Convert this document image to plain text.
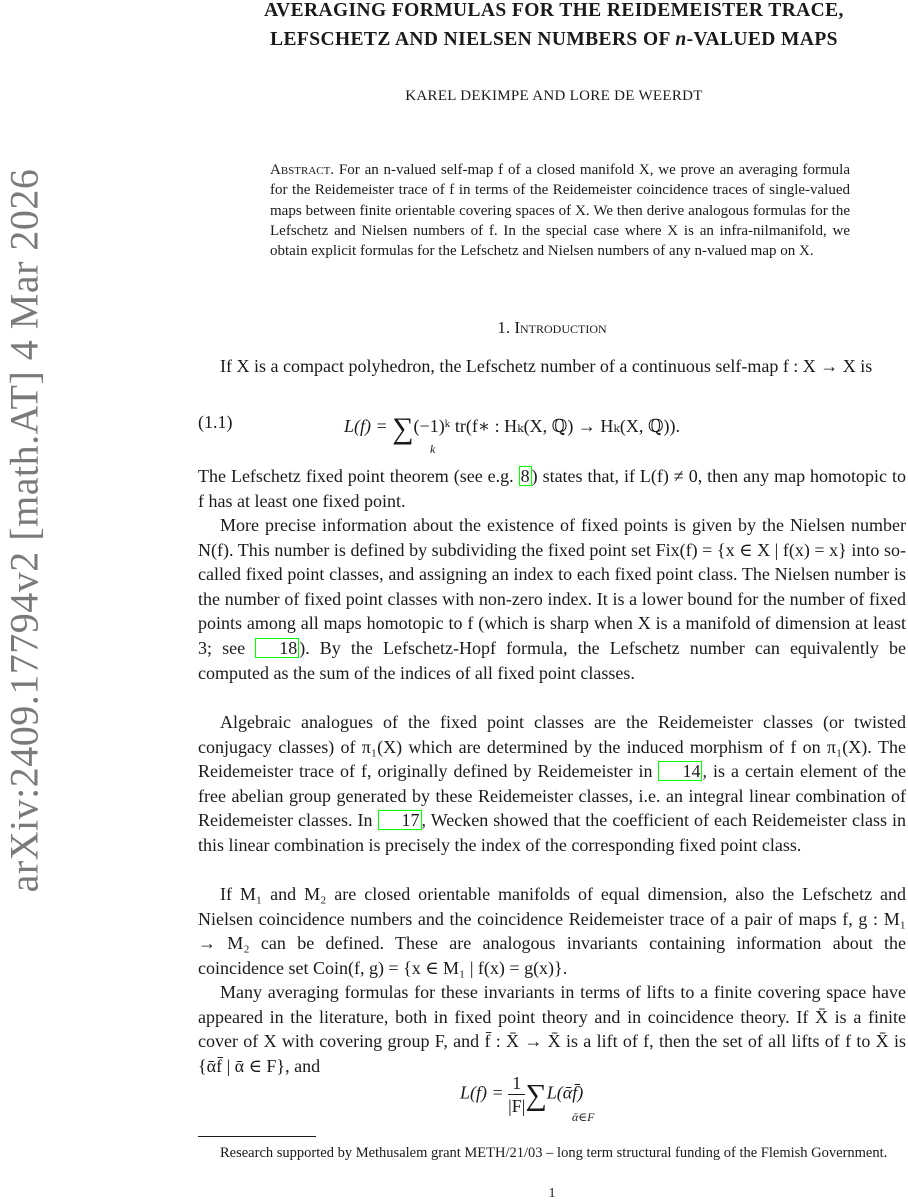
arXiv:2409.17794v2 [math.AT] 4 Mar 2026
AVERAGING FORMULAS FOR THE REIDEMEISTER TRACE,
LEFSCHETZ AND NIELSEN NUMBERS OF n-VALUED MAPS
KAREL DEKIMPE AND LORE DE WEERDT
Abstract. For an n-valued self-map f of a closed manifold X, we prove an averaging formula for the Reidemeister trace of f in terms of the Reidemeister coincidence traces of single-valued maps between finite orientable covering spaces of X. We then derive analogous formulas for the Lefschetz and Nielsen numbers of f. In the special case where X is an infra-nilmanifold, we obtain explicit formulas for the Lefschetz and Nielsen numbers of any n-valued map on X.
1. Introduction

If X is a compact polyhedron, the Lefschetz number of a continuous self-map f : X → X is

(1.1)	L(f) = ∑(−1)ᵏ tr(f∗ : Hₖ(X, ℚ) → Hₖ(X, ℚ)).
k

The Lefschetz fixed point theorem (see e.g. 8 ) states that, if L(f) ≠ 0, then any map homotopic to f has at least one fixed point.

More precise information about the existence of fixed points is given by the Nielsen number N(f). This number is defined by subdividing the fixed point set Fix(f) = {x ∈ X | f(x) = x} into so-called fixed point classes, and assigning an index to each fixed point class. The Nielsen number is the number of fixed point classes with non-zero index. It is a lower bound for the number of fixed points among all maps homotopic to f (which is sharp when X is a manifold of dimension at least 3; see 18 ). By the Lefschetz-Hopf formula, the Lefschetz number can equivalently be computed as the sum of the indices of all fixed point classes.

Algebraic analogues of the fixed point classes are the Reidemeister classes (or twisted conjugacy classes) of π₁(X) which are determined by the induced morphism of f on π₁(X). The Reidemeister trace of f, originally defined by Reidemeister in 14 , is a certain element of the free abelian group generated by these Reidemeister classes, i.e. an integral linear combination of Reidemeister classes. In 17 , Wecken showed that the coefficient of each Reidemeister class in this linear combination is precisely the index of the corresponding fixed point class.

If M₁ and M₂ are closed orientable manifolds of equal dimension, also the Lefschetz and Nielsen coincidence numbers and the coincidence Reidemeister trace of a pair of maps f, g : M₁ → M₂ can be defined. These are analogous invariants containing information about the coincidence set Coin(f, g) = {x ∈ M₁ | f(x) = g(x)}.

Many averaging formulas for these invariants in terms of lifts to a finite covering space have appeared in the literature, both in fixed point theory and in coincidence theory. If X̄ is a finite cover of X with covering group F, and f̄ : X̄ → X̄ is a lift of f, then the set of all lifts of f to X̄ is {ᾱf̄ | ᾱ ∈ F}, and

$L(f) = \frac{1}{|F|}$ ∑L(ᾱf̄)
ᾱ∈F

Research supported by Methusalem grant METH/21/03 – long term structural funding of the Flemish Government.

1
